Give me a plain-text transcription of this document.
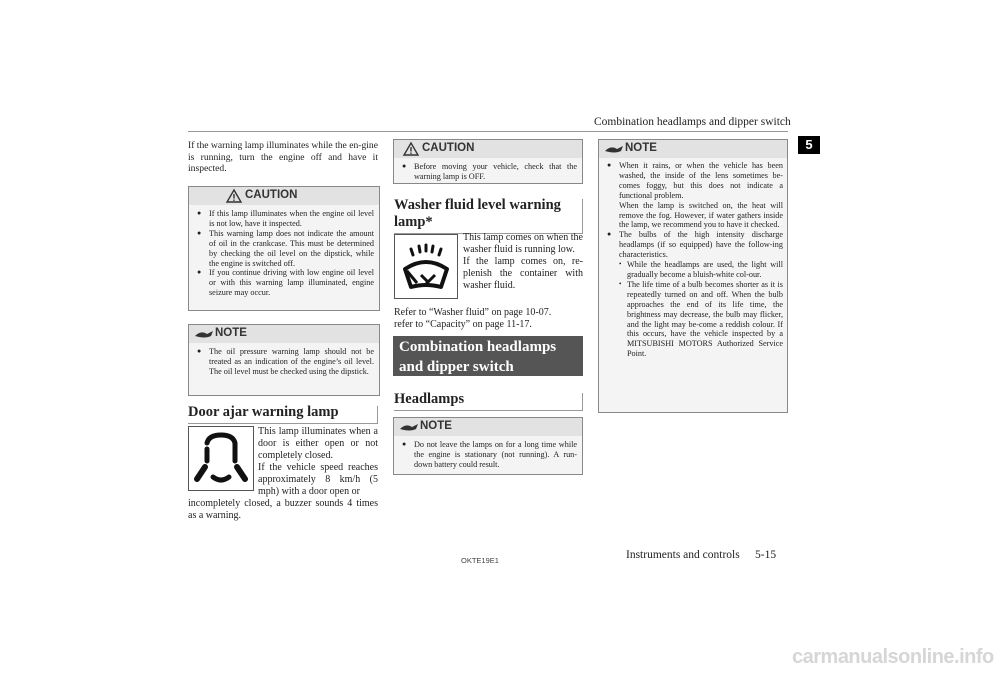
Combination headlamps and dipper switch
5
If the warning lamp illuminates while the en-gine is running, turn the engine off and have it inspected.
CAUTION
● If this lamp illuminates when the engine oil level is not low, have it inspected.
● This warning lamp does not indicate the amount of oil in the crankcase. This must be determined by checking the oil level on the dipstick, while the engine is switched off.
● If you continue driving with low engine oil level or with this warning lamp illuminated, engine seizure may occur.
NOTE
● The oil pressure warning lamp should not be treated as an indication of the engine’s oil level. The oil level must be checked using the dipstick.
Door ajar warning lamp
This lamp illuminates when a door is either open or not completely closed.
If the vehicle speed reaches approximately 8 km/h (5 mph) with a door open or
incompletely closed, a buzzer sounds 4 times as a warning.
CAUTION
● Before moving your vehicle, check that the warning lamp is OFF.
Washer fluid level warning lamp*
This lamp comes on when the washer fluid is running low.
If the lamp comes on, re-plenish the container with washer fluid.
Refer to “Washer fluid” on page 10-07.
refer to “Capacity” on page 11-17.
Combination headlamps and dipper switch
Headlamps
NOTE
● Do not leave the lamps on for a long time while the engine is stationary (not running). A run-down battery could result.
NOTE
● When it rains, or when the vehicle has been washed, the inside of the lens sometimes be-comes foggy, but this does not indicate a functional problem.
When the lamp is switched on, the heat will remove the fog. However, if water gathers inside the lamp, we recommend you to have it checked.
● The bulbs of the high intensity discharge headlamps (if so equipped) have the follow-ing characteristics.
• While the headlamps are used, the light will gradually become a bluish-white col-our.
• The life time of a bulb becomes shorter as it is repeatedly turned on and off. When the bulb approaches the end of its life time, the brightness may decrease, the bulb may flicker, and the light may be-come a reddish colour. If this occurs, have the vehicle inspected by a MITSUBISHI MOTORS Authorized Service Point.
OKTE19E1	Instruments and controls 5-15
carmanualsonline.info
